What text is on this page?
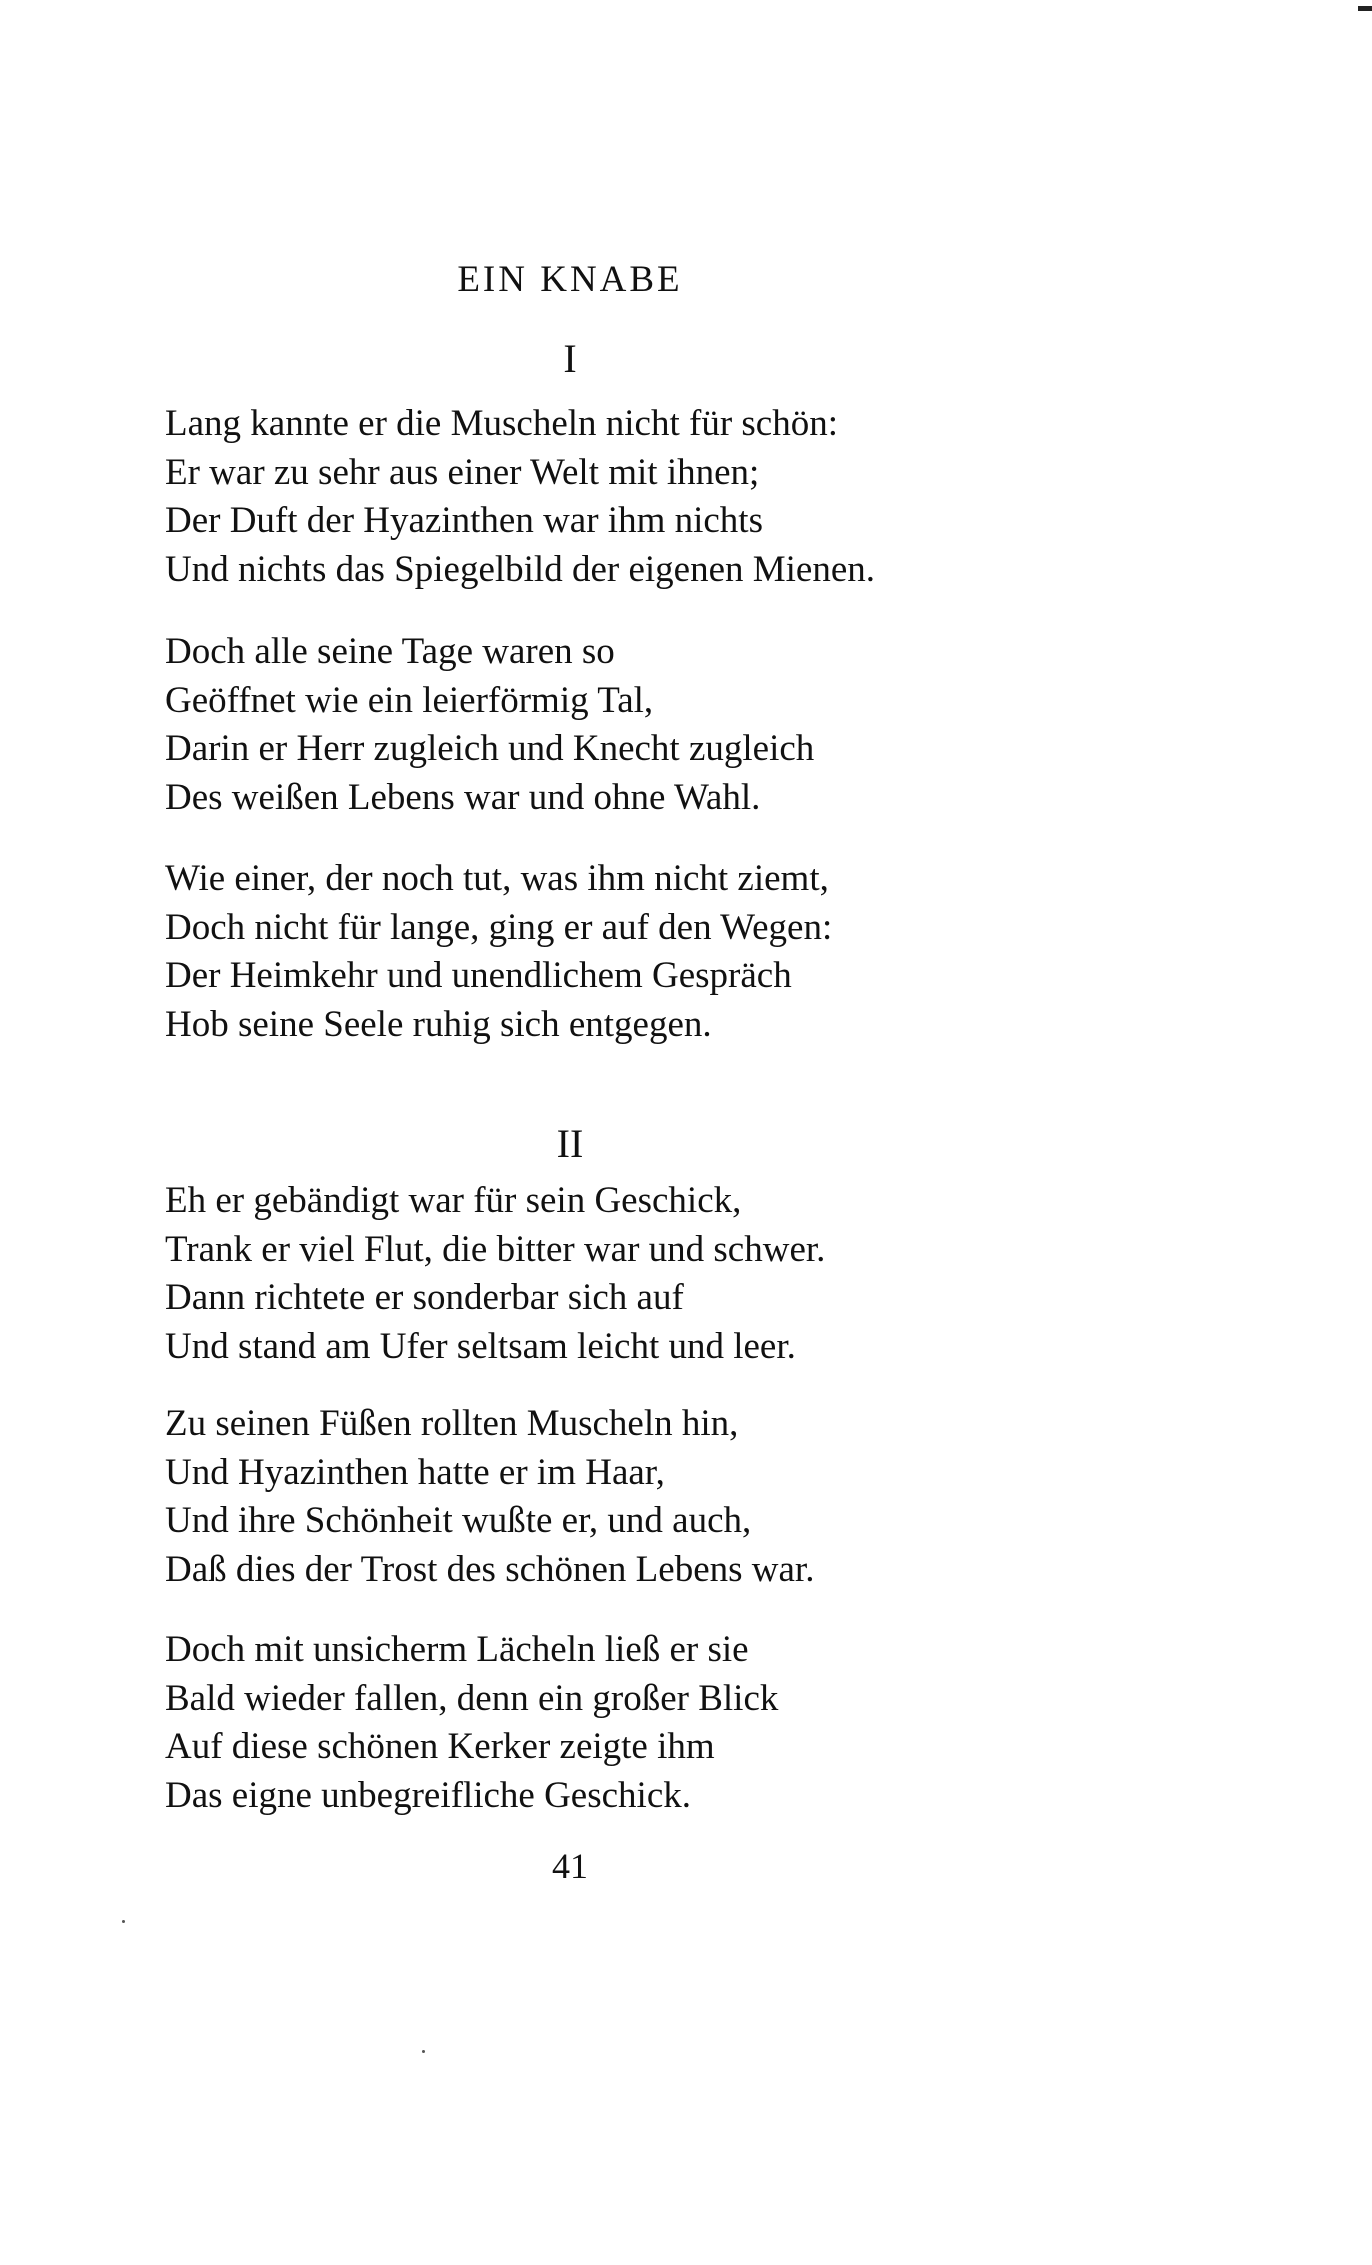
EIN KNABE
I
Lang kannte er die Muscheln nicht für schön:
Er war zu sehr aus einer Welt mit ihnen;
Der Duft der Hyazinthen war ihm nichts
Und nichts das Spiegelbild der eigenen Mienen.
Doch alle seine Tage waren so
Geöffnet wie ein leierförmig Tal,
Darin er Herr zugleich und Knecht zugleich
Des weißen Lebens war und ohne Wahl.
Wie einer, der noch tut, was ihm nicht ziemt,
Doch nicht für lange, ging er auf den Wegen:
Der Heimkehr und unendlichem Gespräch
Hob seine Seele ruhig sich entgegen.
II
Eh er gebändigt war für sein Geschick,
Trank er viel Flut, die bitter war und schwer.
Dann richtete er sonderbar sich auf
Und stand am Ufer seltsam leicht und leer.
Zu seinen Füßen rollten Muscheln hin,
Und Hyazinthen hatte er im Haar,
Und ihre Schönheit wußte er, und auch,
Daß dies der Trost des schönen Lebens war.
Doch mit unsicherm Lächeln ließ er sie
Bald wieder fallen, denn ein großer Blick
Auf diese schönen Kerker zeigte ihm
Das eigne unbegreifliche Geschick.

41
